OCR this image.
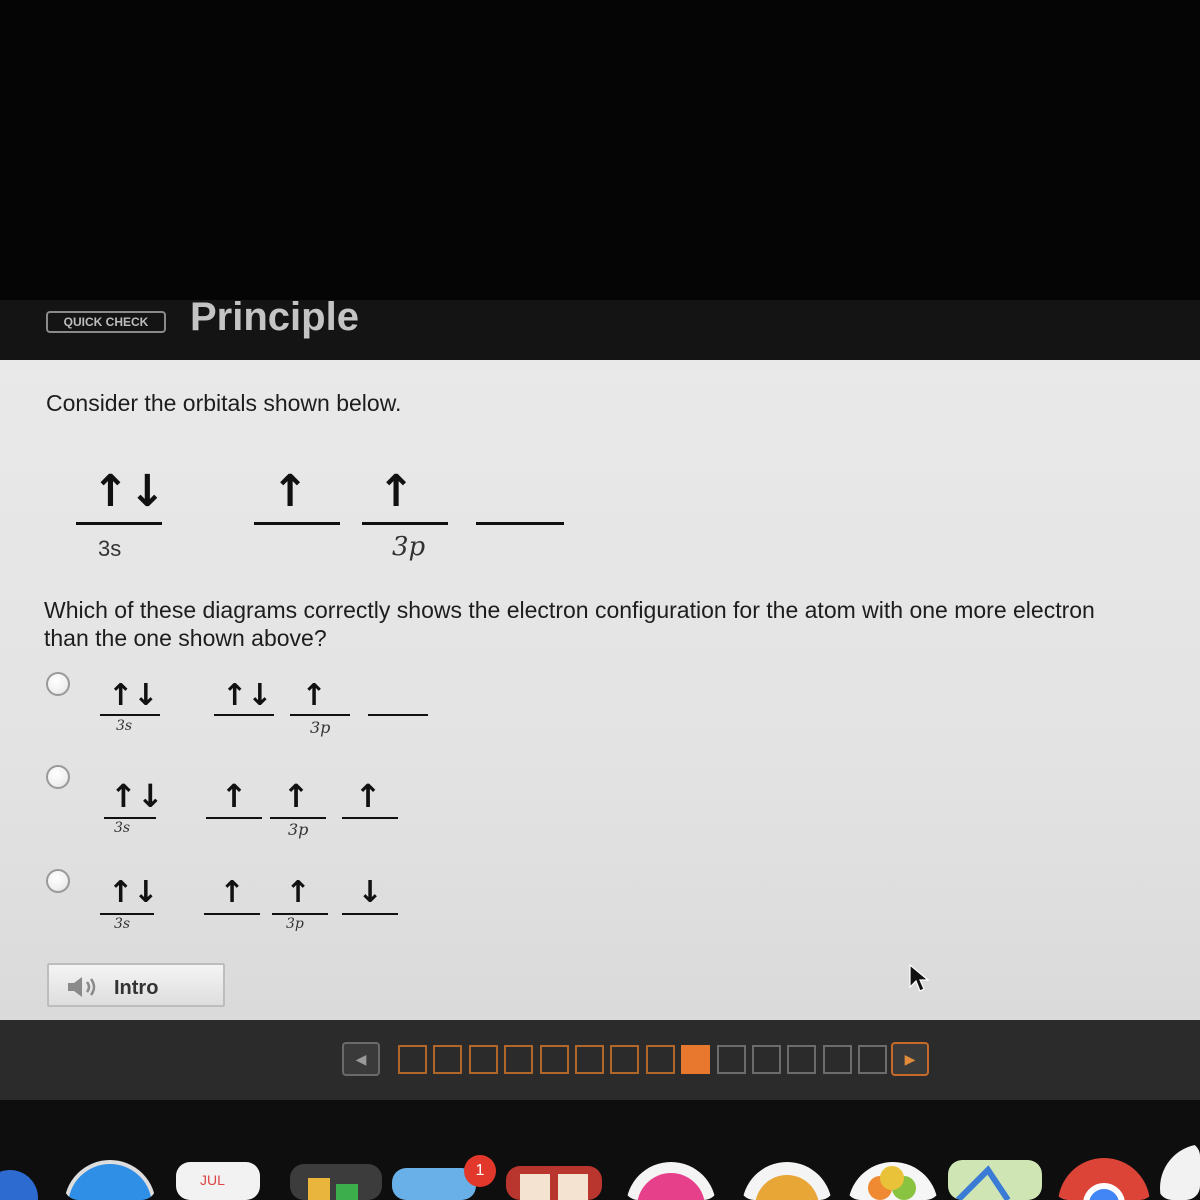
QUICK CHECK	Principle
Consider the orbitals shown below.
↑↓ ↑ ↑
3s	3p
Which of these diagrams correctly shows the electron configuration for the atom with one more electron
than the one shown above?
↑↓ ↑↓ ↑
3s	3p
↑↓ ↑ ↑ ↑
3s	3p
↑↓ ↑ ↑ ↓
3s	3p
Intro
◀	▶
JUL
1
